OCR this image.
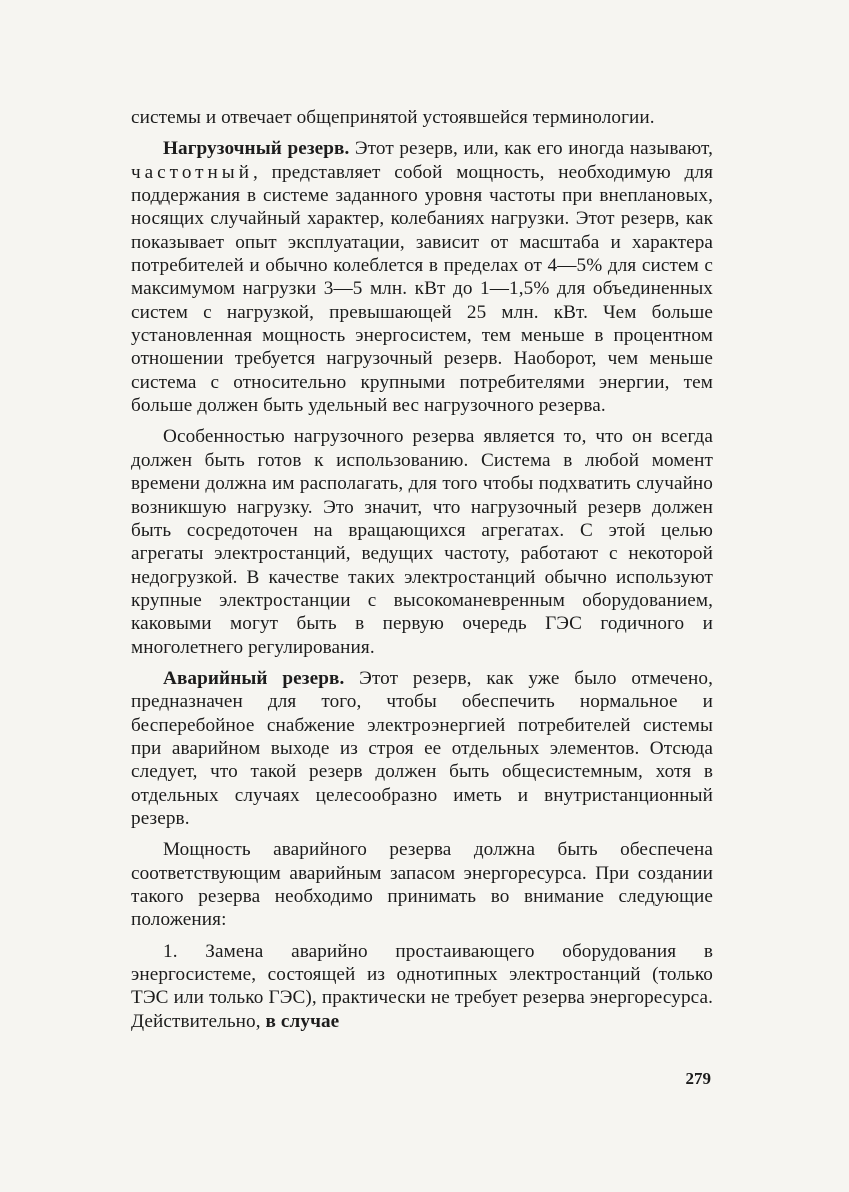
системы и отвечает общепринятой устоявшейся терминологии.

Нагрузочный резерв. Этот резерв, или, как его иногда называют, частотный, представляет собой мощность, необходимую для поддержания в системе заданного уровня частоты при внеплановых, носящих случайный характер, колебаниях нагрузки. Этот резерв, как показывает опыт эксплуатации, зависит от масштаба и характера потребителей и обычно колеблется в пределах от 4—5% для систем с максимумом нагрузки 3—5 млн. кВт до 1—1,5% для объединенных систем с нагрузкой, превышающей 25 млн. кВт. Чем больше установленная мощность энергосистем, тем меньше в процентном отношении требуется нагрузочный резерв. Наоборот, чем меньше система с относительно крупными потребителями энергии, тем больше должен быть удельный вес нагрузочного резерва.

Особенностью нагрузочного резерва является то, что он всегда должен быть готов к использованию. Система в любой момент времени должна им располагать, для того чтобы подхватить случайно возникшую нагрузку. Это значит, что нагрузочный резерв должен быть сосредоточен на вращающихся агрегатах. С этой целью агрегаты электростанций, ведущих частоту, работают с некоторой недогрузкой. В качестве таких электростанций обычно используют крупные электростанции с высокоманевренным оборудованием, каковыми могут быть в первую очередь ГЭС годичного и многолетнего регулирования.

Аварийный резерв. Этот резерв, как уже было отмечено, предназначен для того, чтобы обеспечить нормальное и бесперебойное снабжение электроэнергией потребителей системы при аварийном выходе из строя ее отдельных элементов. Отсюда следует, что такой резерв должен быть общесистемным, хотя в отдельных случаях целесообразно иметь и внутристанционный резерв.

Мощность аварийного резерва должна быть обеспечена соответствующим аварийным запасом энергоресурса. При создании такого резерва необходимо принимать во внимание следующие положения:

1. Замена аварийно простаивающего оборудования в энергосистеме, состоящей из однотипных электростанций (только ТЭС или только ГЭС), практически не требует резерва энергоресурса. Действительно, в случае

279
